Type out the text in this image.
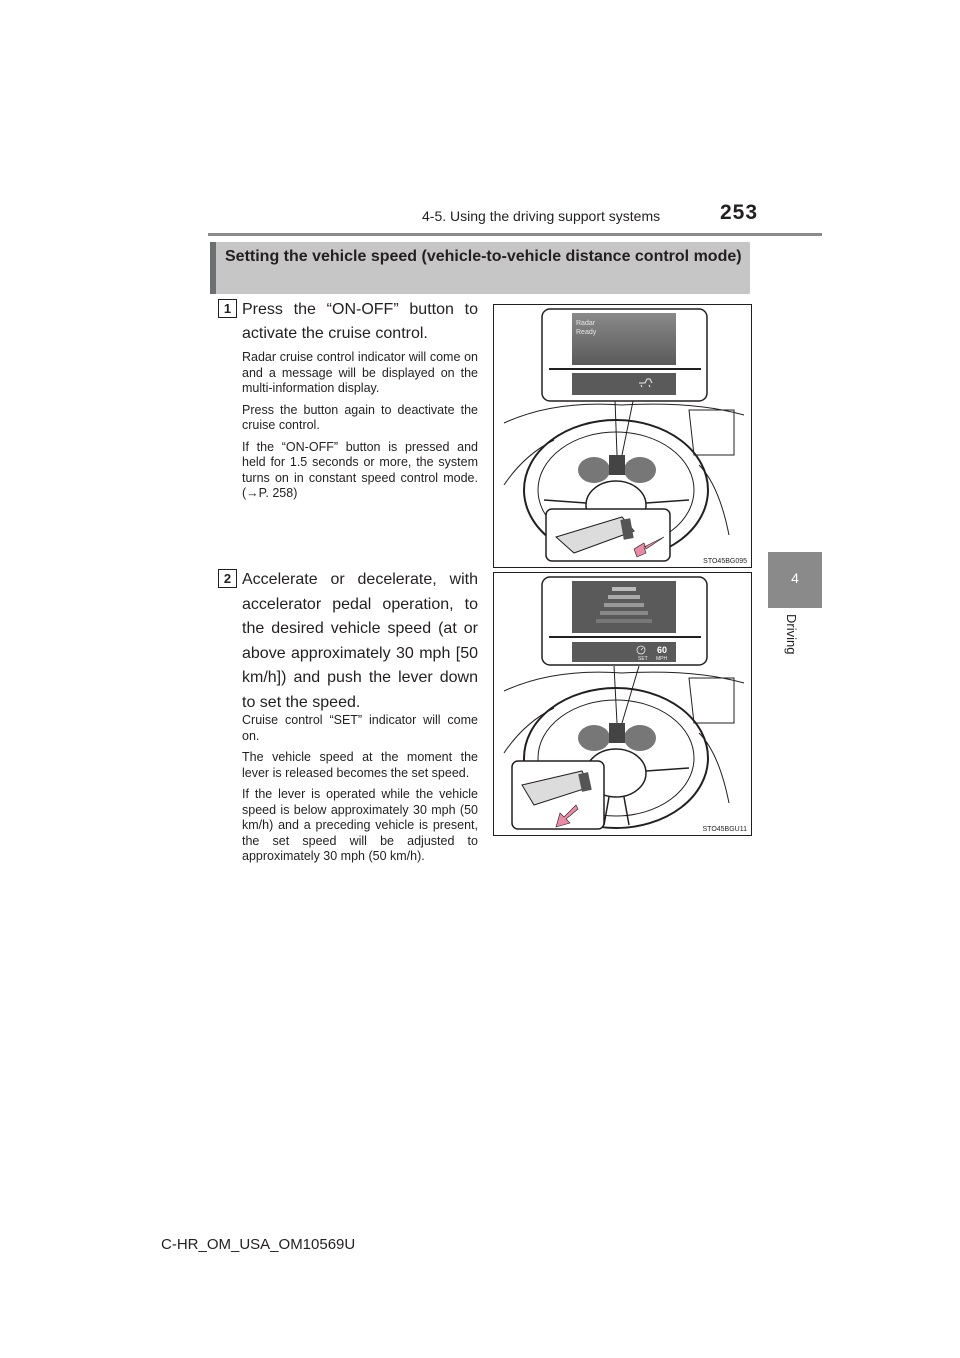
4-5. Using the driving support systems	253
4
Driving
Setting the vehicle speed (vehicle-to-vehicle distance control mode)
1 Press the “ON-OFF” button to activate the cruise control.

Radar cruise control indicator will come on and a message will be displayed on the multi-information display.

Press the button again to deactivate the cruise control.

If the “ON-OFF” button is pressed and held for 1.5 seconds or more, the system turns on in constant speed control mode. (→P. 258)

Radar
Ready
STO45BG095
2 Accelerate or decelerate, with accelerator pedal operation, to the desired vehicle speed (at or above approximately 30 mph [50 km/h]) and push the lever down to set the speed.

Cruise control “SET” indicator will come on.

The vehicle speed at the moment the lever is released becomes the set speed.

If the lever is operated while the vehicle speed is below approximately 30 mph (50 km/h) and a preceding vehicle is present, the set speed will be adjusted to approximately 30 mph (50 km/h).

SET
60
MPH
STO45BGU11
C-HR_OM_USA_OM10569U
